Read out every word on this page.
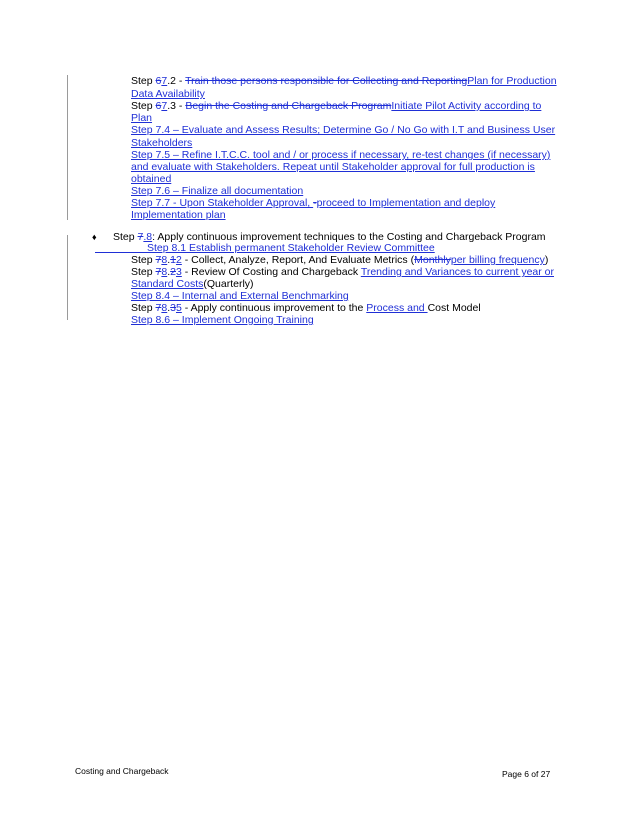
Step 67.2 - Train those persons responsible for Collecting and ReportingPlan for Production
Data Availability
Step 67.3 - Begin the Costing and Chargeback ProgramInitiate Pilot Activity according to
Plan
Step 7.4 – Evaluate and Assess Results; Determine Go / No Go with I.T and Business User
Stakeholders
Step 7.5 – Refine I.T.C.C. tool and / or process if necessary, re-test changes (if necessary)
and evaluate with Stakeholders. Repeat until Stakeholder approval for full production is
obtained
Step 7.6 – Finalize all documentation
Step 7.7 - Upon Stakeholder Approval, -proceed to Implementation and deploy
Implementation plan
♦ Step 7.8: Apply continuous improvement techniques to the Costing and Chargeback Program
Step 8.1 Establish permanent Stakeholder Review Committee
Step 78.12 - Collect, Analyze, Report, And Evaluate Metrics (Monthlyper billing frequency)
Step 78.23 - Review Of Costing and Chargeback Trending and Variances to current year or
Standard Costs(Quarterly)
Step 8.4 – Internal and External Benchmarking
Step 78.35 - Apply continuous improvement to the Process and Cost Model
Step 8.6 – Implement Ongoing Training
Costing and Chargeback	Page 6 of 27
